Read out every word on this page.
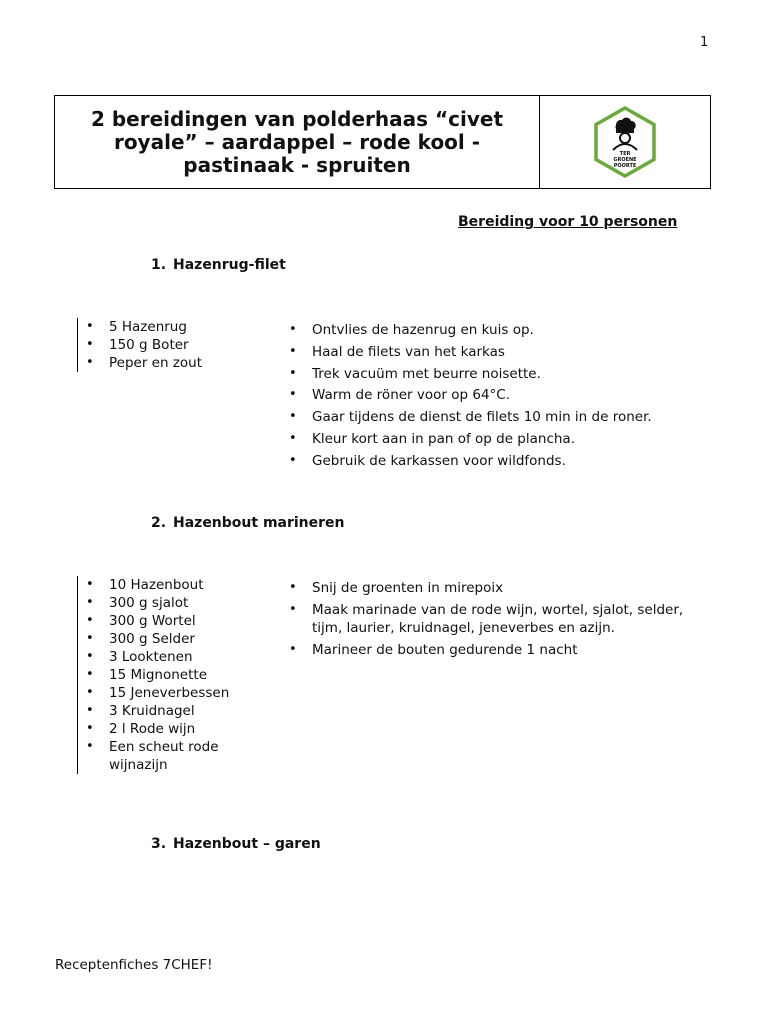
1
2 bereidingen van polderhaas “civet royale” – aardappel – rode kool - pastinaak - spruiten	TER
GROENE
POORTE
Bereiding voor 10 personen
1. Hazenrug-filet
• 5 Hazenrug
• 150 g Boter
• Peper en zout
• Ontvlies de hazenrug en kuis op.
• Haal de filets van het karkas
• Trek vacuüm met beurre noisette.
• Warm de röner voor op 64°C.
• Gaar tijdens de dienst de filets 10 min in de roner.
• Kleur kort aan in pan of op de plancha.
• Gebruik de karkassen voor wildfonds.
2. Hazenbout marineren
• 10 Hazenbout
• 300 g sjalot
• 300 g Wortel
• 300 g Selder
• 3 Looktenen
• 15 Mignonette
• 15 Jeneverbessen
• 3 Kruidnagel
• 2 l Rode wijn
• Een scheut rode wijnazijn
• Snij de groenten in mirepoix
• Maak marinade van de rode wijn, wortel, sjalot, selder, tijm, laurier, kruidnagel, jeneverbes en azijn.
• Marineer de bouten gedurende 1 nacht
3. Hazenbout – garen
Receptenfiches 7CHEF!
